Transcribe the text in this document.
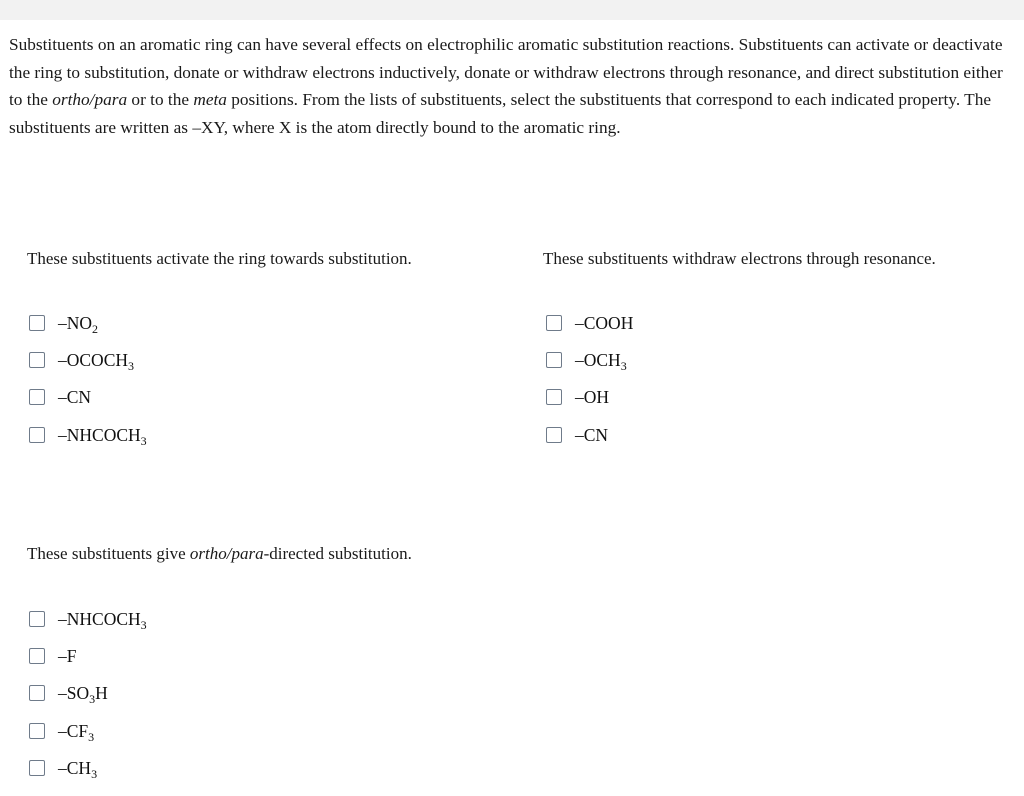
Substituents on an aromatic ring can have several effects on electrophilic aromatic substitution reactions. Substituents can activate or deactivate the ring to substitution, donate or withdraw electrons inductively, donate or withdraw electrons through resonance, and direct substitution either to the ortho/para or to the meta positions. From the lists of substituents, select the substituents that correspond to each indicated property. The substituents are written as –XY, where X is the atom directly bound to the aromatic ring.

These substituents activate the ring towards substitution.
$-NO_2$
$-OCOCH_3$
–CN
$-NHCOCH_3$
These substituents withdraw electrons through resonance.
–COOH
$-OCH_3$
–OH
–CN
These substituents give ortho/para-directed substitution.
$-NHCOCH_3$
–F
$-SO_3H$
$-CF_3$
$-CH_3$
